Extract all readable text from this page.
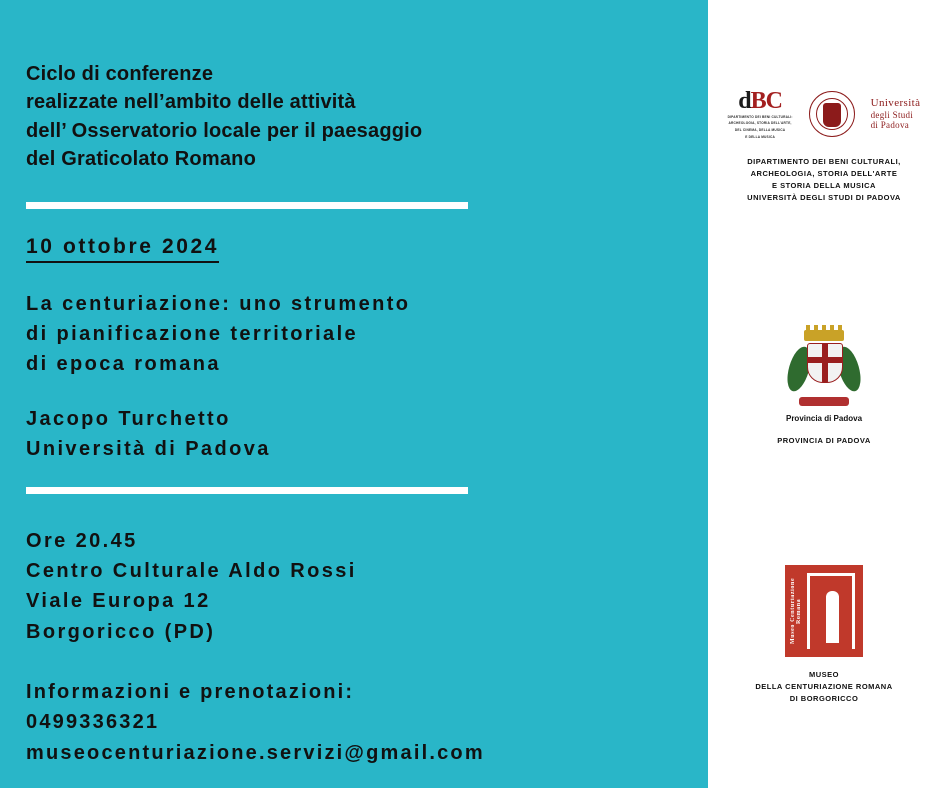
Ciclo di conferenze
realizzate nell’ambito delle attività
dell’ Osservatorio locale per il paesaggio
del Graticolato Romano
10 ottobre 2024
La centuriazione: uno strumento
di pianificazione territoriale
di epoca romana
Jacopo Turchetto
Università di Padova
Ore 20.45
Centro Culturale Aldo Rossi
Viale Europa 12
Borgoricco (PD)
Informazioni e prenotazioni:
0499336321
museocenturiazione.servizi@gmail.com
dBC
DIPARTIMENTO DEI BENI CULTURALI:
ARCHEOLOGIA, STORIA DELL'ARTE,
DEL CINEMA, DELLA MUSICA
E DELLA MUSICA
Università
degli Studi
di Padova
DIPARTIMENTO DEI BENI CULTURALI,
ARCHEOLOGIA, STORIA DELL'ARTE
E STORIA DELLA MUSICA
UNIVERSITÀ DEGLI STUDI DI PADOVA
Provincia di Padova
PROVINCIA DI PADOVA
Museo Centuriazione Romana
MUSEO
DELLA CENTURIAZIONE ROMANA
DI BORGORICCO
